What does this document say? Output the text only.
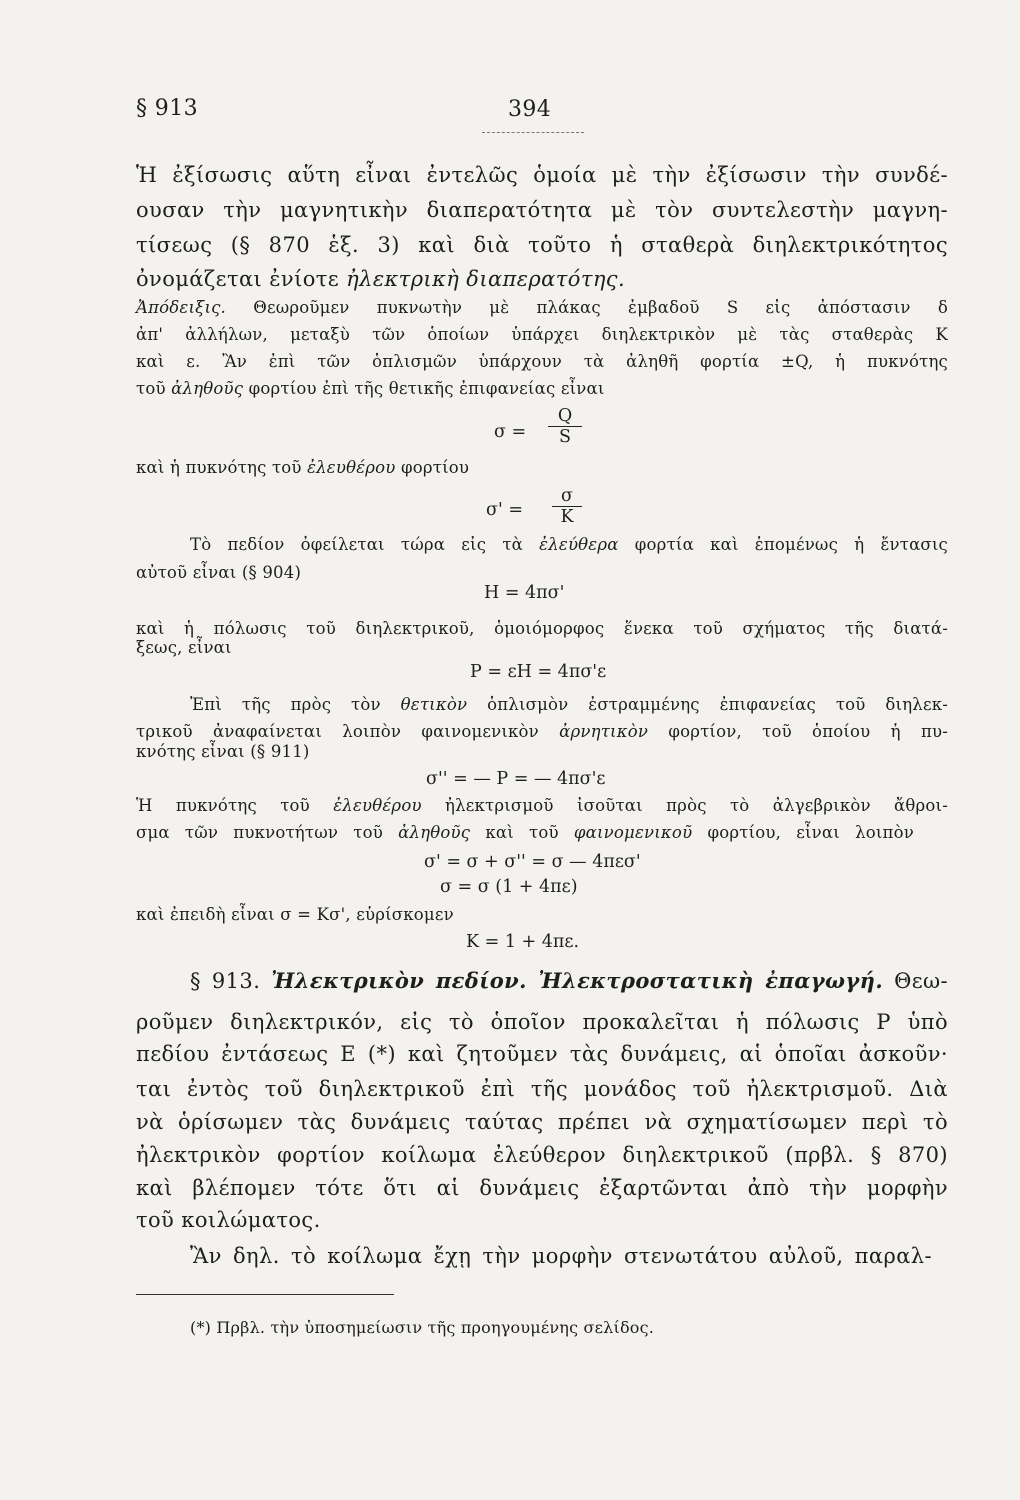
§ 913	394
Ἡ ἐξίσωσις αὕτη εἶναι ἐντελῶς ὁμοία μὲ τὴν ἐξίσωσιν τὴν συνδέ-
ουσαν τὴν μαγνητικὴν διαπερατότητα μὲ τὸν συντελεστὴν μαγνη-
τίσεως (§ 870 ἑξ. 3) καὶ διὰ τοῦτο ἡ σταθερὰ διηλεκτρικότητος
ὀνομάζεται ἐνίοτε ἠλεκτρικὴ διαπερατότης.
Ἀπόδειξις. Θεωροῦμεν πυκνωτὴν μὲ πλάκας ἐμβαδοῦ S εἰς ἀπόστασιν δ
ἀπ' ἀλλήλων, μεταξὺ τῶν ὁποίων ὑπάρχει διηλεκτρικὸν μὲ τὰς σταθερὰς Κ
καὶ ε. Ἂν ἐπὶ τῶν ὁπλισμῶν ὑπάρχουν τὰ ἀληθῆ φορτία ±Q, ἡ πυκνότης
τοῦ ἀληθοῦς φορτίου ἐπὶ τῆς θετικῆς ἐπιφανείας εἶναι
$\sigma = \frac{Q}{S}$
καὶ ἡ πυκνότης τοῦ ἐλευθέρου φορτίου
$\sigma' = \frac{\sigma}{K}$
Τὸ πεδίον ὀφείλεται τώρα εἰς τὰ ἐλεύθερα φορτία καὶ ἑπομένως ἡ ἔντασις
αὐτοῦ εἶναι (§ 904)
Η = 4πσ'
καὶ ἡ πόλωσις τοῦ διηλεκτρικοῦ, ὁμοιόμορφος ἕνεκα τοῦ σχήματος τῆς διατά-
ξεως, εἶναι
Ρ = εΗ = 4πσ'ε
Ἐπὶ τῆς πρὸς τὸν θετικὸν ὁπλισμὸν ἐστραμμένης ἐπιφανείας τοῦ διηλεκ-
τρικοῦ ἀναφαίνεται λοιπὸν φαινομενικὸν ἀρνητικὸν φορτίον, τοῦ ὁποίου ἡ πυ-
κνότης εἶναι (§ 911)
σ'' = — Ρ = — 4πσ'ε
Ἡ πυκνότης τοῦ ἐλευθέρου ἠλεκτρισμοῦ ἰσοῦται πρὸς τὸ ἀλγεβρικὸν ἄθροι-
σμα τῶν πυκνοτήτων τοῦ ἀληθοῦς καὶ τοῦ φαινομενικοῦ φορτίου, εἶναι λοιπὸν
σ' = σ + σ'' = σ — 4πεσ'
σ = σ (1 + 4πε)
καὶ ἐπειδὴ εἶναι σ = Κσ', εὑρίσκομεν
Κ = 1 + 4πε.
§ 913. Ἠλεκτρικὸν πεδίον. Ἠλεκτροστατικὴ ἐπαγωγή. Θεω-
ροῦμεν διηλεκτρικόν, εἰς τὸ ὁποῖον προκαλεῖται ἡ πόλωσις Ρ ὑπὸ
πεδίου ἐντάσεως Ε (*) καὶ ζητοῦμεν τὰς δυνάμεις, αἱ ὁποῖαι ἀσκοῦν·
ται ἐντὸς τοῦ διηλεκτρικοῦ ἐπὶ τῆς μονάδος τοῦ ἠλεκτρισμοῦ. Διὰ
νὰ ὁρίσωμεν τὰς δυνάμεις ταύτας πρέπει νὰ σχηματίσωμεν περὶ τὸ
ἠλεκτρικὸν φορτίον κοίλωμα ἐλεύθερον διηλεκτρικοῦ (πρβλ. § 870)
καὶ βλέπομεν τότε ὅτι αἱ δυνάμεις ἐξαρτῶνται ἀπὸ τὴν μορφὴν
τοῦ κοιλώματος.
Ἂν δηλ. τὸ κοίλωμα ἔχῃ τὴν μορφὴν στενωτάτου αὐλοῦ, παραλ-
(*) Πρβλ. τὴν ὑποσημείωσιν τῆς προηγουμένης σελίδος.
